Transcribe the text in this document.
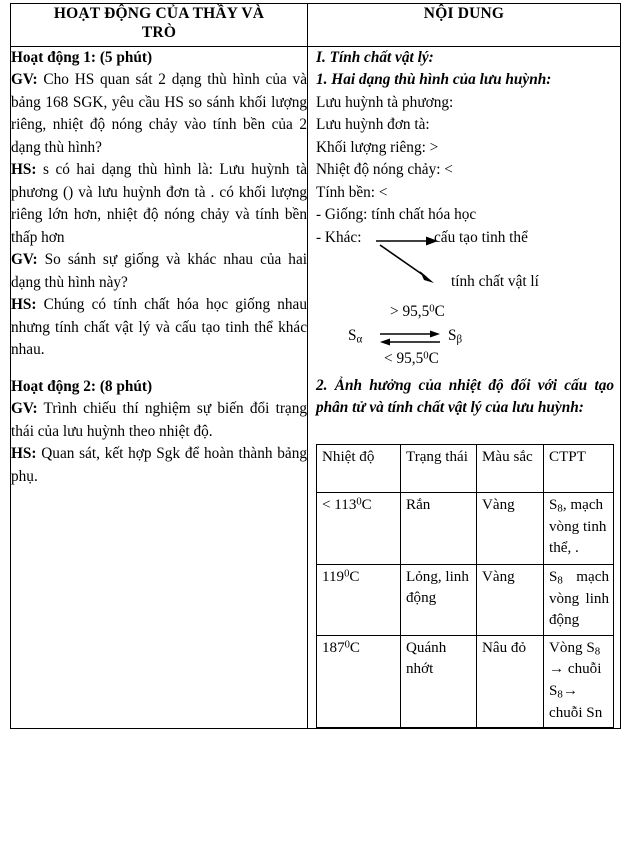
HOẠT ĐỘNG CỦA THẦY VÀ
TRÒ

NỘI DUNG

Hoạt động 1: (5 phút)

GV: Cho HS quan sát 2 dạng thù hình của và bảng 168 SGK, yêu cầu HS so sánh khối lượng riêng, nhiệt độ nóng chảy vào tính bền của 2 dạng thù hình?

HS: s có hai dạng thù hình là: Lưu huỳnh tà phương () và lưu huỳnh đơn tà . có khối lượng riêng lớn hơn, nhiệt độ nóng chảy và tính bền thấp hơn

GV: So sánh sự giống và khác nhau của hai dạng thù hình này?

HS: Chúng có tính chất hóa học giống nhau nhưng tính chất vật lý và cấu tạo tinh thể khác nhau.

Hoạt động 2: (8 phút)

GV: Trình chiếu thí nghiệm sự biến đổi trạng thái của lưu huỳnh theo nhiệt độ.

HS: Quan sát, kết hợp Sgk để hoàn thành bảng phụ.

I. Tính chất vật lý:

1. Hai dạng thù hình của lưu huỳnh:

Lưu huỳnh tà phương:

Lưu huỳnh đơn tà:

Khối lượng riêng: >

Nhiệt độ nóng chảy: <

Tính bền: <

- Giống: tính chất hóa học

- Khác:	cấu tạo tinh thể
tính chất vật lí
> $95,5^0C$
$S_\alpha$	$S_\beta$
< $95,5^0C$

2. Ảnh hưởng của nhiệt độ đối với cấu tạo phân tử và tính chất vật lý của lưu huỳnh:

Nhiệt độ	Trạng thái	Màu sắc	CTPT
< $113^0C$	Rắn	Vàng	$S_8$, mạch vòng tinh thể, .
$119^0C$	Lỏng, linh động	Vàng	$S_8$ mạch vòng linh động
$187^0C$	Quánh nhớt	Nâu đỏ	Vòng $S_8$
→ chuỗi
$S_8\to$ chuỗi Sn
